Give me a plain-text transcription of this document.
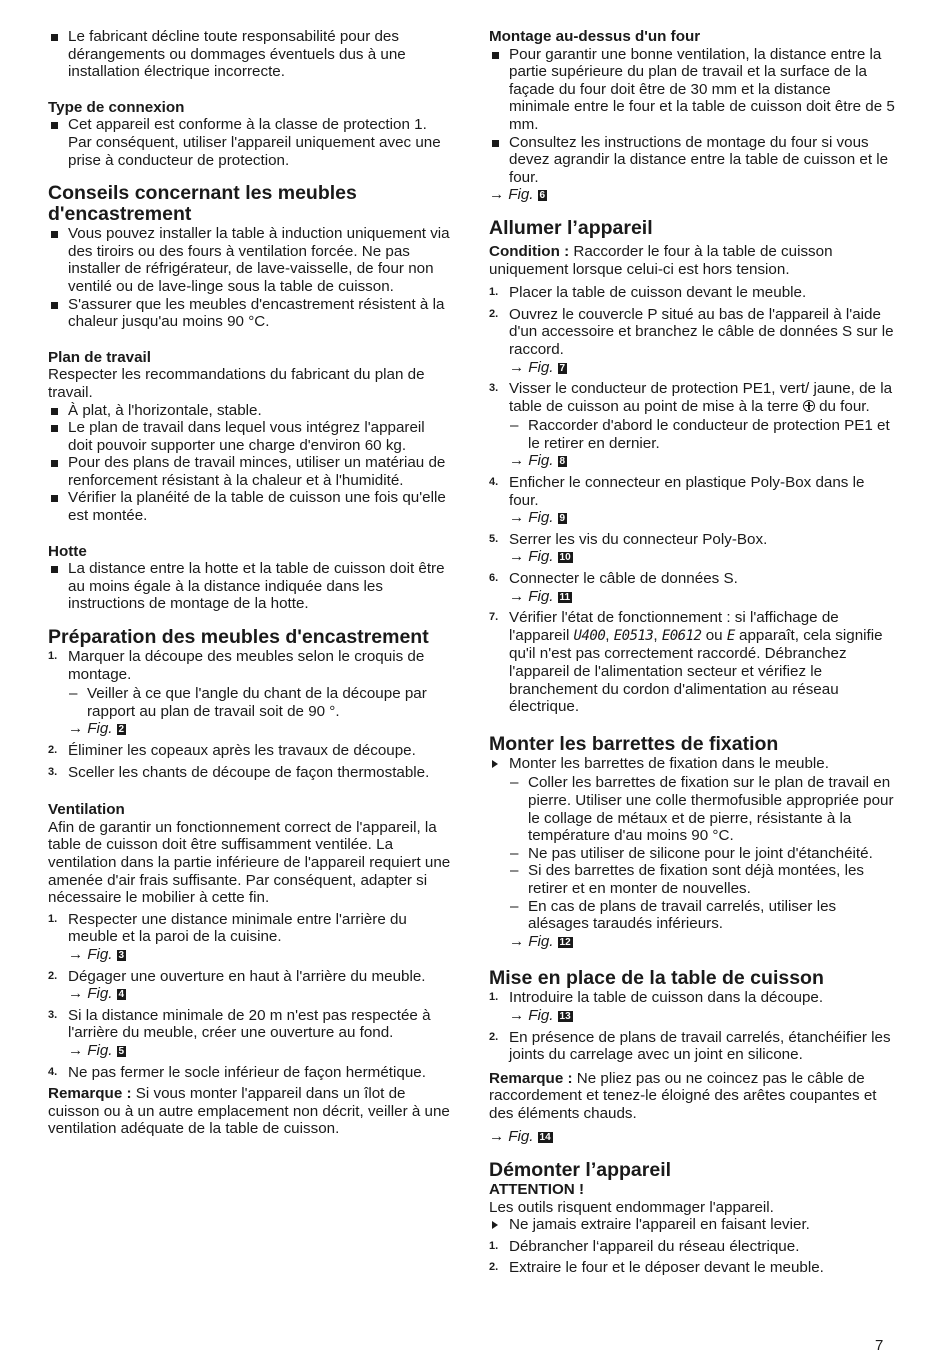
Le fabricant décline toute responsabilité pour des dérangements ou dommages éventuels dus à une installation électrique incorrecte.

Type de connexion

Cet appareil est conforme à la classe de protection 1. Par conséquent, utiliser l'appareil uniquement avec une prise à conducteur de protection.

Conseils concernant les meubles d'encastrement

Vous pouvez installer la table à induction uniquement via des tiroirs ou des fours à ventilation forcée. Ne pas installer de réfrigérateur, de lave-vaisselle, de four non ventilé ou de lave-linge sous la table de cuisson.
S'assurer que les meubles d'encastrement résistent à la chaleur jusqu'au moins 90 °C.

Plan de travail

Respecter les recommandations du fabricant du plan de travail.

À plat, à l'horizontale, stable.
Le plan de travail dans lequel vous intégrez l'appareil doit pouvoir supporter une charge d'environ 60 kg.
Pour des plans de travail minces, utiliser un matériau de renforcement résistant à la chaleur et à l'humidité.
Vérifier la planéité de la table de cuisson une fois qu'elle est montée.

Hotte

La distance entre la hotte et la table de cuisson doit être au moins égale à la distance indiquée dans les instructions de montage de la hotte.

Préparation des meubles d'encastrement

1. Marquer la découpe des meubles selon le croquis de montage.
– Veiller à ce que l'angle du chant de la découpe par rapport au plan de travail soit de 90 °.
→ Fig. 2
2. Éliminer les copeaux après les travaux de découpe.
3. Sceller les chants de découpe de façon thermostable.

Ventilation

Afin de garantir un fonctionnement correct de l'appareil, la table de cuisson doit être suffisamment ventilée. La ventilation dans la partie inférieure de l'appareil requiert une amenée d'air frais suffisante. Par conséquent, adapter si nécessaire le mobilier à cette fin.

1. Respecter une distance minimale entre l'arrière du meuble et la paroi de la cuisine.
→ Fig. 3
2. Dégager une ouverture en haut à l'arrière du meuble.
→ Fig. 4
3. Si la distance minimale de 20 m n'est pas respectée à l'arrière du meuble, créer une ouverture au fond.
→ Fig. 5
4. Ne pas fermer le socle inférieur de façon hermétique.

Remarque : Si vous monter l'appareil dans un îlot de cuisson ou à un autre emplacement non décrit, veiller à une ventilation adéquate de la table de cuisson.

Montage au-dessus d'un four

Pour garantir une bonne ventilation, la distance entre la partie supérieure du plan de travail et la surface de la façade du four doit être de 30 mm et la distance minimale entre le four et la table de cuisson doit être de 5 mm.
Consultez les instructions de montage du four si vous devez agrandir la distance entre la table de cuisson et le four.
→ Fig. 6

Allumer l’appareil

Condition : Raccorder le four à la table de cuisson uniquement lorsque celui-ci est hors tension.

1. Placer la table de cuisson devant le meuble.
2. Ouvrez le couvercle P situé au bas de l'appareil à l'aide d'un accessoire et branchez le câble de données S sur le raccord.
→ Fig. 7
3. Visser le conducteur de protection PE1, vert/ jaune, de la table de cuisson au point de mise à la terre du four.
– Raccorder d'abord le conducteur de protection PE1 et le retirer en dernier.
→ Fig. 8
4. Enficher le connecteur en plastique Poly-Box dans le four.
→ Fig. 9
5. Serrer les vis du connecteur Poly-Box.
→ Fig. 10
6. Connecter le câble de données S.
→ Fig. 11
7. Vérifier l'état de fonctionnement : si l'affichage de l'appareil U400, E0513, E0612 ou E apparaît, cela signifie qu'il n'est pas correctement raccordé. Débranchez l'appareil de l'alimentation secteur et vérifiez le branchement du cordon d'alimentation au réseau électrique.

Monter les barrettes de fixation

Monter les barrettes de fixation dans le meuble.
– Coller les barrettes de fixation sur le plan de travail en pierre. Utiliser une colle thermofusible appropriée pour le collage de métaux et de pierre, résistante à la température d'au moins 90 °C.
– Ne pas utiliser de silicone pour le joint d'étanchéité.
– Si des barrettes de fixation sont déjà montées, les retirer et en monter de nouvelles.
– En cas de plans de travail carrelés, utiliser les alésages taraudés inférieurs.
→ Fig. 12

Mise en place de la table de cuisson

1. Introduire la table de cuisson dans la découpe.
→ Fig. 13
2. En présence de plans de travail carrelés, étanchéifier les joints du carrelage avec un joint en silicone.

Remarque : Ne pliez pas ou ne coincez pas le câble de raccordement et tenez-le éloigné des arêtes coupantes et des éléments chauds.

→ Fig. 14

Démonter l’appareil

ATTENTION !

Les outils risquent endommager l'appareil.

Ne jamais extraire l'appareil en faisant levier.
1. Débrancher l‘appareil du réseau électrique.
2. Extraire le four et le déposer devant le meuble.
7
